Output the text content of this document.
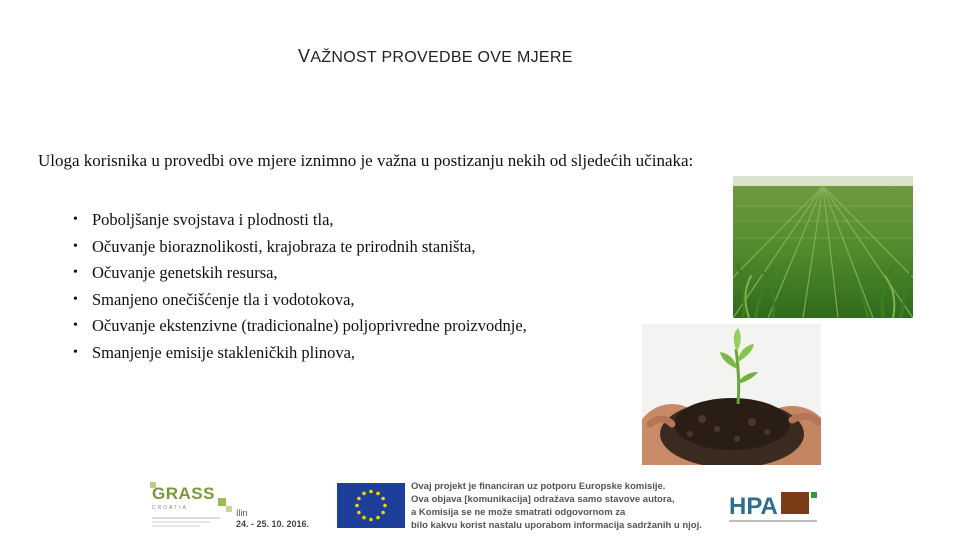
VAŽNOST PROVEDBE OVE MJERE
Uloga korisnika u provedbi ove mjere iznimno je važna u postizanju nekih od sljedećih učinaka:
• Poboljšanje svojstava i plodnosti tla,
• Očuvanje bioraznolikosti, krajobraza te prirodnih staništa,
• Očuvanje genetskih resursa,
• Smanjeno onečišćenje tla i vodotokova,
• Očuvanje ekstenzivne (tradicionalne) poljoprivredne proizvodnje,
• Smanjenje emisije stakleničkih plinova,
GRASS
CROATIA	Ilin
24. - 25. 10. 2016.
Ovaj projekt je financiran uz potporu Europske komisije.
Ova objava [komunikacija] odražava samo stavove autora,
a Komisija se ne može smatrati odgovornom za
bilo kakvu korist nastalu uporabom informacija sadržanih u njoj.
HPA
